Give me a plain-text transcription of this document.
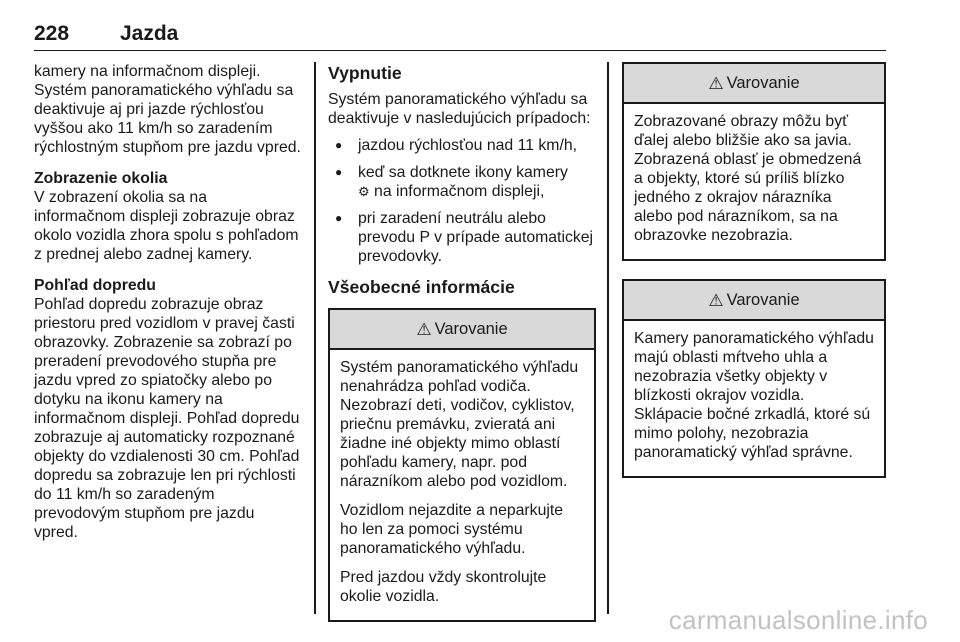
228 Jazda

kamery na informačnom displeji. Systém panoramatického výhľadu sa deaktivuje aj pri jazde rýchlosťou vyššou ako 11 km/h so zaradením rýchlostným stupňom pre jazdu vpred.

Zobrazenie okolia

V zobrazení okolia sa na informačnom displeji zobrazuje obraz okolo vozidla zhora spolu s pohľadom z prednej alebo zadnej kamery.

Pohľad dopredu

Pohľad dopredu zobrazuje obraz priestoru pred vozidlom v pravej časti obrazovky. Zobrazenie sa zobrazí po preradení prevodového stupňa pre jazdu vpred zo spiatočky alebo po dotyku na ikonu kamery na informačnom displeji. Pohľad dopredu zobrazuje aj automaticky rozpoznané objekty do vzdialenosti 30 cm. Pohľad dopredu sa zobrazuje len pri rýchlosti do 11 km/h so zaradeným prevodovým stupňom pre jazdu vpred.

Vypnutie

Systém panoramatického výhľadu sa deaktivuje v nasledujúcich prípadoch:

● jazdou rýchlosťou nad 11 km/h,
● keď sa dotknete ikony kamery
⚙ na informačnom displeji,
● pri zaradení neutrálu alebo prevodu P v prípade automatickej prevodovky.
Všeobecné informácie
⚠ Varovanie

Systém panoramatického výhľadu nenahrádza pohľad vodiča. Nezobrazí deti, vodičov, cyklistov, priečnu premávku, zvieratá ani žiadne iné objekty mimo oblastí pohľadu kamery, napr. pod nárazníkom alebo pod vozidlom.

Vozidlom nejazdite a neparkujte ho len za pomoci systému panoramatického výhľadu.

Pred jazdou vždy skontrolujte okolie vozidla.

⚠ Varovanie

Zobrazované obrazy môžu byť ďalej alebo bližšie ako sa javia. Zobrazená oblasť je obmedzená a objekty, ktoré sú príliš blízko jedného z okrajov nárazníka alebo pod nárazníkom, sa na obrazovke nezobrazia.

⚠ Varovanie

Kamery panoramatického výhľadu majú oblasti mŕtveho uhla a nezobrazia všetky objekty v blízkosti okrajov vozidla. Sklápacie bočné zrkadlá, ktoré sú mimo polohy, nezobrazia panoramatický výhľad správne.

carmanualsonline.info
